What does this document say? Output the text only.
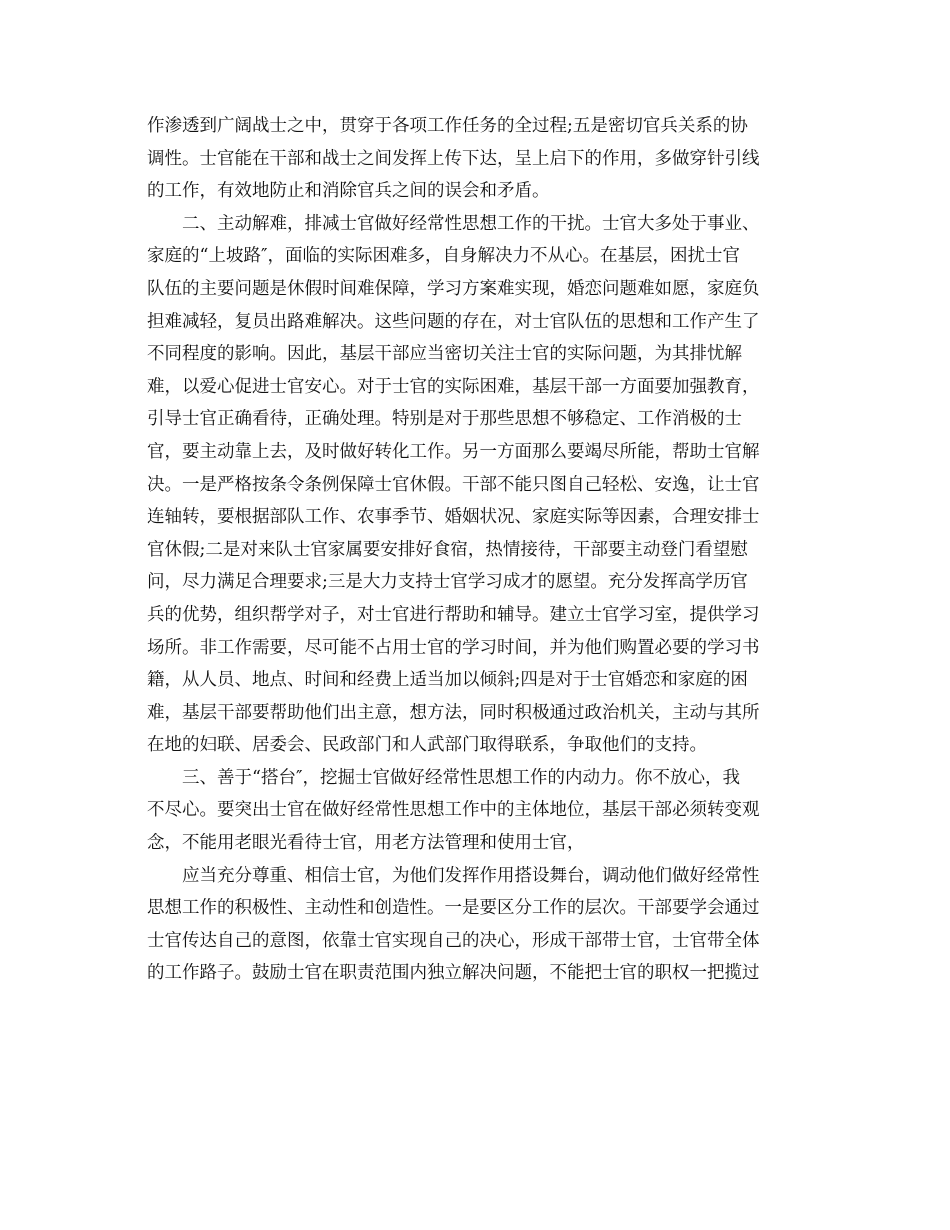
作渗透到广阔战士之中，贯穿于各项工作任务的全过程;五是密切官兵关系的协
调性。士官能在干部和战士之间发挥上传下达，呈上启下的作用，多做穿针引线
的工作，有效地防止和消除官兵之间的误会和矛盾。
二、主动解难，排减士官做好经常性思想工作的干扰。士官大多处于事业、
家庭的“上坡路″，面临的实际困难多，自身解决力不从心。在基层，困扰士官
队伍的主要问题是休假时间难保障，学习方案难实现，婚恋问题难如愿，家庭负
担难减轻，复员出路难解决。这些问题的存在，对士官队伍的思想和工作产生了
不同程度的影响。因此，基层干部应当密切关注士官的实际问题，为其排忧解
难，以爱心促进士官安心。对于士官的实际困难，基层干部一方面要加强教育，
引导士官正确看待，正确处理。特别是对于那些思想不够稳定、工作消极的士
官，要主动靠上去，及时做好转化工作。另一方面那么要竭尽所能，帮助士官解
决。一是严格按条令条例保障士官休假。干部不能只图自己轻松、安逸，让士官
连轴转，要根据部队工作、农事季节、婚姻状况、家庭实际等因素，合理安排士
官休假;二是对来队士官家属要安排好食宿，热情接待，干部要主动登门看望慰
问，尽力满足合理要求;三是大力支持士官学习成才的愿望。充分发挥高学历官
兵的优势，组织帮学对子，对士官进行帮助和辅导。建立士官学习室，提供学习
场所。非工作需要，尽可能不占用士官的学习时间，并为他们购置必要的学习书
籍，从人员、地点、时间和经费上适当加以倾斜;四是对于士官婚恋和家庭的困
难，基层干部要帮助他们出主意，想方法，同时积极通过政治机关，主动与其所
在地的妇联、居委会、民政部门和人武部门取得联系，争取他们的支持。
三、善于“搭台″，挖掘士官做好经常性思想工作的内动力。你不放心，我
不尽心。要突出士官在做好经常性思想工作中的主体地位，基层干部必须转变观
念，不能用老眼光看待士官，用老方法管理和使用士官，
应当充分尊重、相信士官，为他们发挥作用搭设舞台，调动他们做好经常性
思想工作的积极性、主动性和创造性。一是要区分工作的层次。干部要学会通过
士官传达自己的意图，依靠士官实现自己的决心，形成干部带士官，士官带全体
的工作路子。鼓励士官在职责范围内独立解决问题，不能把士官的职权一把揽过
